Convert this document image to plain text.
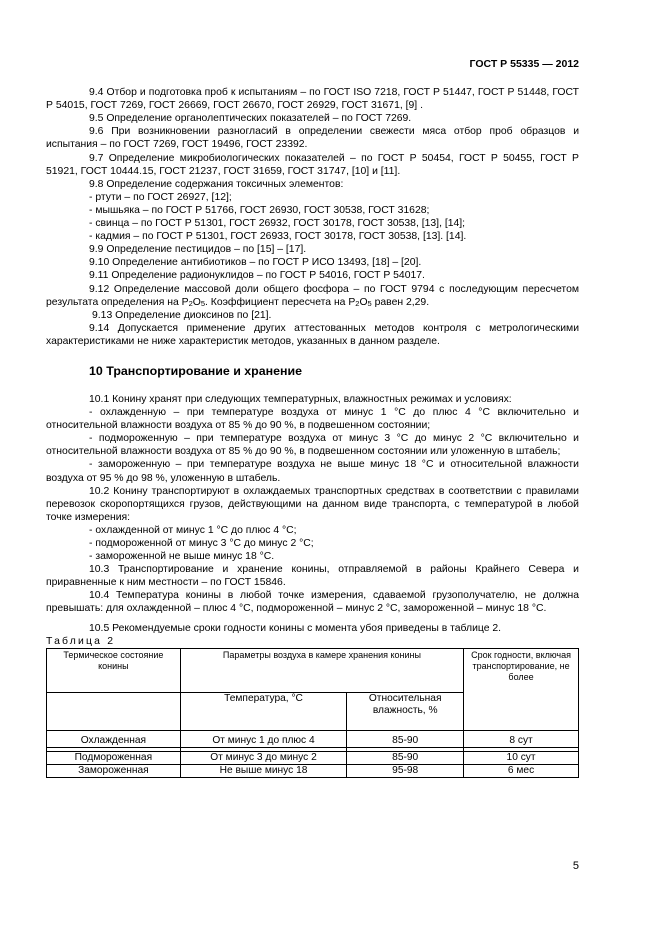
ГОСТ Р 55335 — 2012

9.4 Отбор и подготовка проб к испытаниям – по ГОСТ ISO 7218, ГОСТ Р 51447, ГОСТ Р 51448, ГОСТ Р 54015, ГОСТ 7269, ГОСТ 26669, ГОСТ 26670, ГОСТ 26929, ГОСТ 31671, [9] .

9.5 Определение органолептических показателей – по ГОСТ 7269.

9.6 При возникновении разногласий в определении свежести мяса отбор проб образцов и испытания – по ГОСТ 7269, ГОСТ 19496, ГОСТ 23392.

9.7 Определение микробиологических показателей – по ГОСТ Р 50454, ГОСТ Р 50455, ГОСТ Р 51921, ГОСТ 10444.15, ГОСТ 21237, ГОСТ 31659, ГОСТ 31747, [10] и [11].

9.8 Определение содержания токсичных элементов:

- ртути – по ГОСТ 26927, [12];

- мышьяка – по ГОСТ Р 51766, ГОСТ 26930, ГОСТ 30538, ГОСТ 31628;

- свинца – по ГОСТ Р 51301, ГОСТ 26932, ГОСТ 30178, ГОСТ 30538, [13], [14];

- кадмия – по ГОСТ Р 51301, ГОСТ 26933, ГОСТ 30178, ГОСТ 30538, [13]. [14].

9.9 Определение пестицидов – по [15] – [17].

9.10 Определение антибиотиков – по ГОСТ Р ИСО 13493, [18] – [20].

9.11 Определение радионуклидов – по ГОСТ Р 54016, ГОСТ Р 54017.

9.12 Определение массовой доли общего фосфора – по ГОСТ 9794 с последующим пересчетом результата определения на $P_2O_5$. Коэффициент пересчета на $P_2O_5$ равен 2,29.

9.13 Определение диоксинов по [21].

9.14 Допускается применение других аттестованных методов контроля с метрологическими характеристиками не ниже характеристик методов, указанных в данном разделе.

10 Транспортирование и хранение

10.1 Конину хранят при следующих температурных, влажностных режимах и условиях:

- охлажденную – при температуре воздуха от минус 1 °С до плюс 4 °С включительно и относительной влажности воздуха от 85 % до 90 %, в подвешенном состоянии;

- подмороженную – при температуре воздуха от минус 3 °С до минус 2 °С включительно и относительной влажности воздуха от 85 % до 90 %, в подвешенном состоянии или уложенную в штабель;

- замороженную – при температуре воздуха не выше минус 18 °С и относительной влажности воздуха от 95 % до 98 %, уложенную в штабель.

10.2 Конину транспортируют в охлаждаемых транспортных средствах в соответствии с правилами перевозок скоропортящихся грузов, действующими на данном виде транспорта, с температурой в любой точке измерения:

- охлажденной от минус 1 °С до плюс 4 °С;

- подмороженной от минус 3 °С до минус 2 °С;

- замороженной не выше минус 18 °С.

10.3 Транспортирование и хранение конины, отправляемой в районы Крайнего Севера и приравненные к ним местности – по ГОСТ 15846.

10.4 Температура конины в любой точке измерения, сдаваемой грузополучателю, не должна превышать: для охлажденной – плюс 4 °С, подмороженной – минус 2 °С, замороженной – минус 18 °С.

10.5 Рекомендуемые сроки годности конины с момента убоя приведены в таблице 2.

Таблица 2
Термическое состояние конины	Параметры воздуха в камере хранения конины		Срок годности, включая транспортирование, не более
	Температура, °С	Относительная влажность, %	
Охлажденная	От минус 1 до плюс 4	85-90	8 сут

Подмороженная	От минус 3 до минус 2	85-90	10 сут
Замороженная	Не выше минус 18	95-98	6 мес
5
